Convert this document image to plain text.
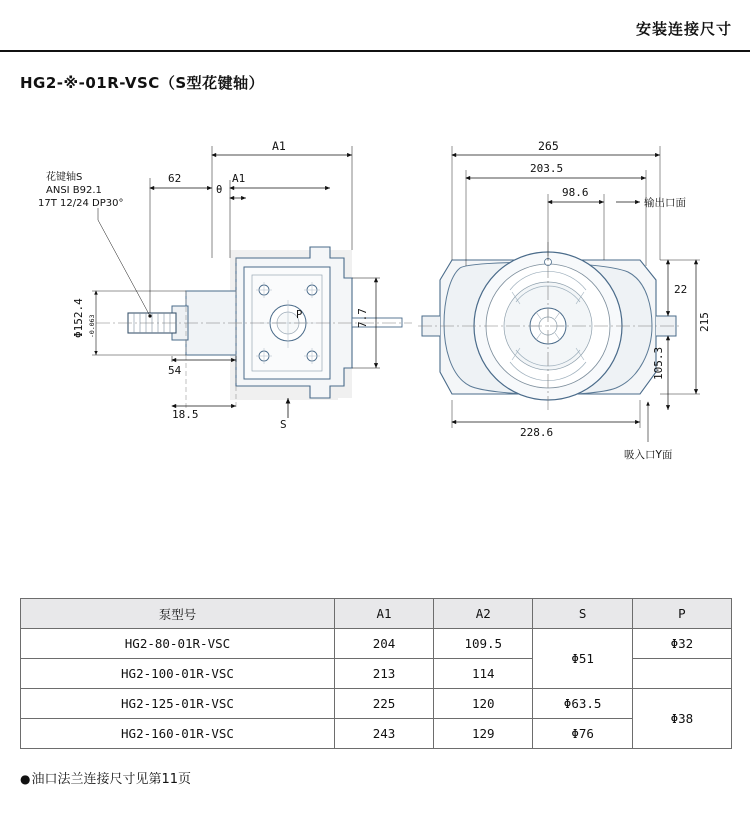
安装连接尺寸
HG2-※-01R-VSC（S型花键轴）
A1
A1
62
θ
7.7
54
18.5
Φ152.4 -0.063
S
P
花键轴S
ANSI B92.1
17T 12/24 DP30°
265
203.5
98.6
22
215
105.3
228.6
输出口面
吸入口Y面
泵型号	A1	A2	S	P
HG2-80-01R-VSC	204	109.5	Φ51	Φ32
HG2-100-01R-VSC	213	114		
HG2-125-01R-VSC	225	120	Φ63.5	Φ38
HG2-160-01R-VSC	243	129	Φ76	
●油口法兰连接尺寸见第11页
